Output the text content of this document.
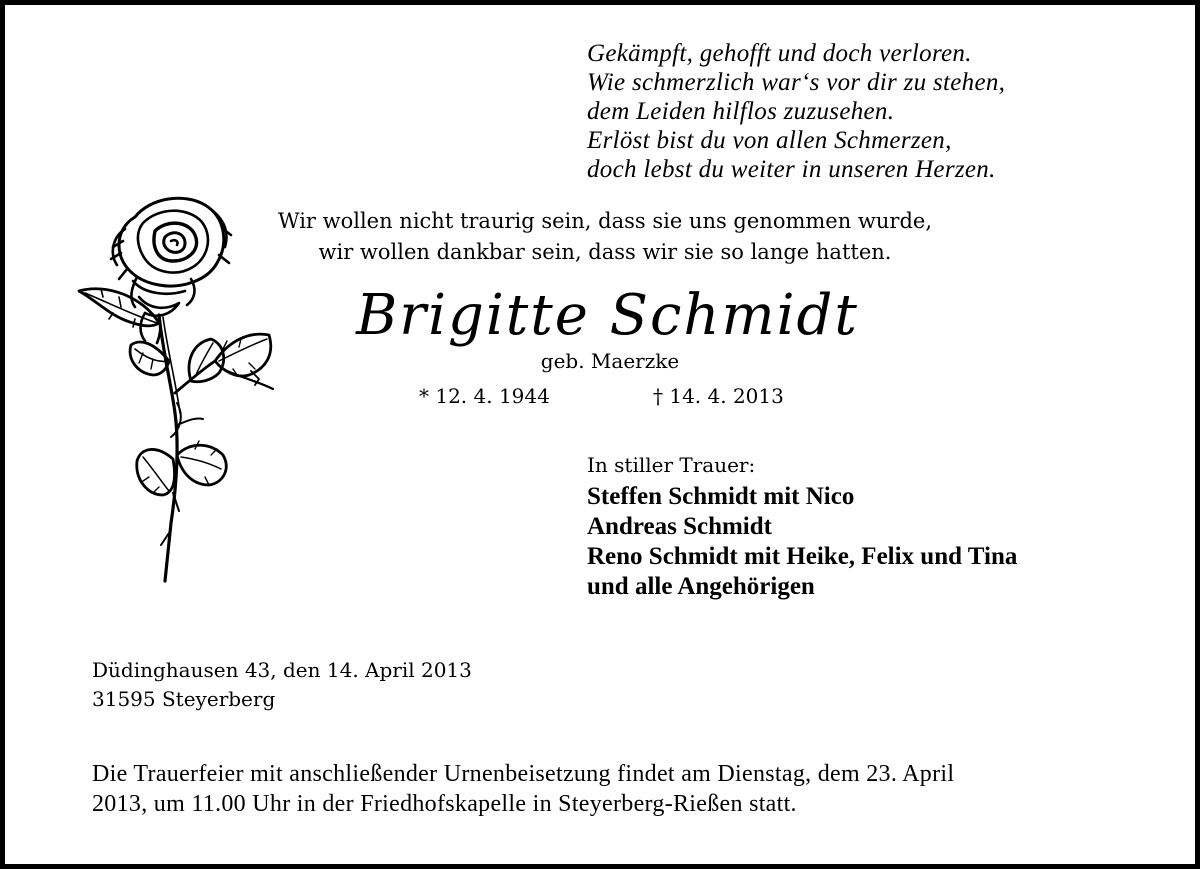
Gekämpft, gehofft und doch verloren.
Wie schmerzlich war‘s vor dir zu stehen,
dem Leiden hilflos zuzusehen.
Erlöst bist du von allen Schmerzen,
doch lebst du weiter in unseren Herzen.
Wir wollen nicht traurig sein, dass sie uns genommen wurde,
wir wollen dankbar sein, dass wir sie so lange hatten.
Brigitte Schmidt
geb. Maerzke
* 12. 4. 1944	† 14. 4. 2013
In stiller Trauer:
Steffen Schmidt mit Nico
Andreas Schmidt
Reno Schmidt mit Heike, Felix und Tina
und alle Angehörigen
Düdinghausen 43, den 14. April 2013
31595 Steyerberg
Die Trauerfeier mit anschließender Urnenbeisetzung findet am Dienstag, dem 23. April
2013, um 11.00 Uhr in der Friedhofskapelle in Steyerberg-Rießen statt.
